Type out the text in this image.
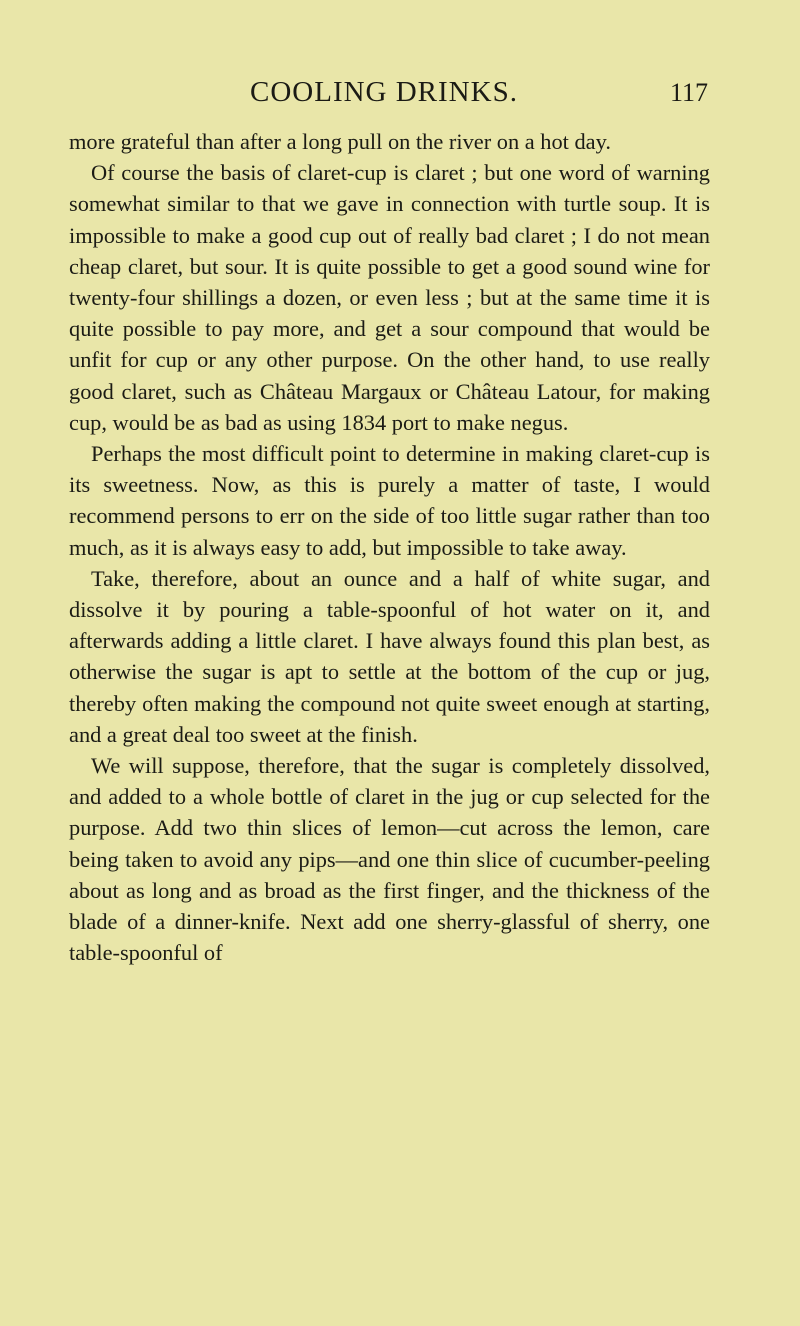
COOLING DRINKS.	117

more grateful than after a long pull on the river on a hot day.

Of course the basis of claret-cup is claret ; but one word of warning somewhat similar to that we gave in connection with turtle soup. It is impossible to make a good cup out of really bad claret ; I do not mean cheap claret, but sour. It is quite possible to get a good sound wine for twenty-four shillings a dozen, or even less ; but at the same time it is quite possible to pay more, and get a sour compound that would be unfit for cup or any other purpose. On the other hand, to use really good claret, such as Château Margaux or Château Latour, for making cup, would be as bad as using 1834 port to make negus.

Perhaps the most difficult point to determine in making claret-cup is its sweetness. Now, as this is purely a matter of taste, I would recommend persons to err on the side of too little sugar rather than too much, as it is always easy to add, but impossible to take away.

Take, therefore, about an ounce and a half of white sugar, and dissolve it by pouring a table-spoonful of hot water on it, and afterwards adding a little claret. I have always found this plan best, as otherwise the sugar is apt to settle at the bottom of the cup or jug, thereby often making the compound not quite sweet enough at starting, and a great deal too sweet at the finish.

We will suppose, therefore, that the sugar is completely dissolved, and added to a whole bottle of claret in the jug or cup selected for the purpose. Add two thin slices of lemon—cut across the lemon, care being taken to avoid any pips—and one thin slice of cucumber-peeling about as long and as broad as the first finger, and the thickness of the blade of a dinner-knife. Next add one sherry-glassful of sherry, one table-spoonful of
